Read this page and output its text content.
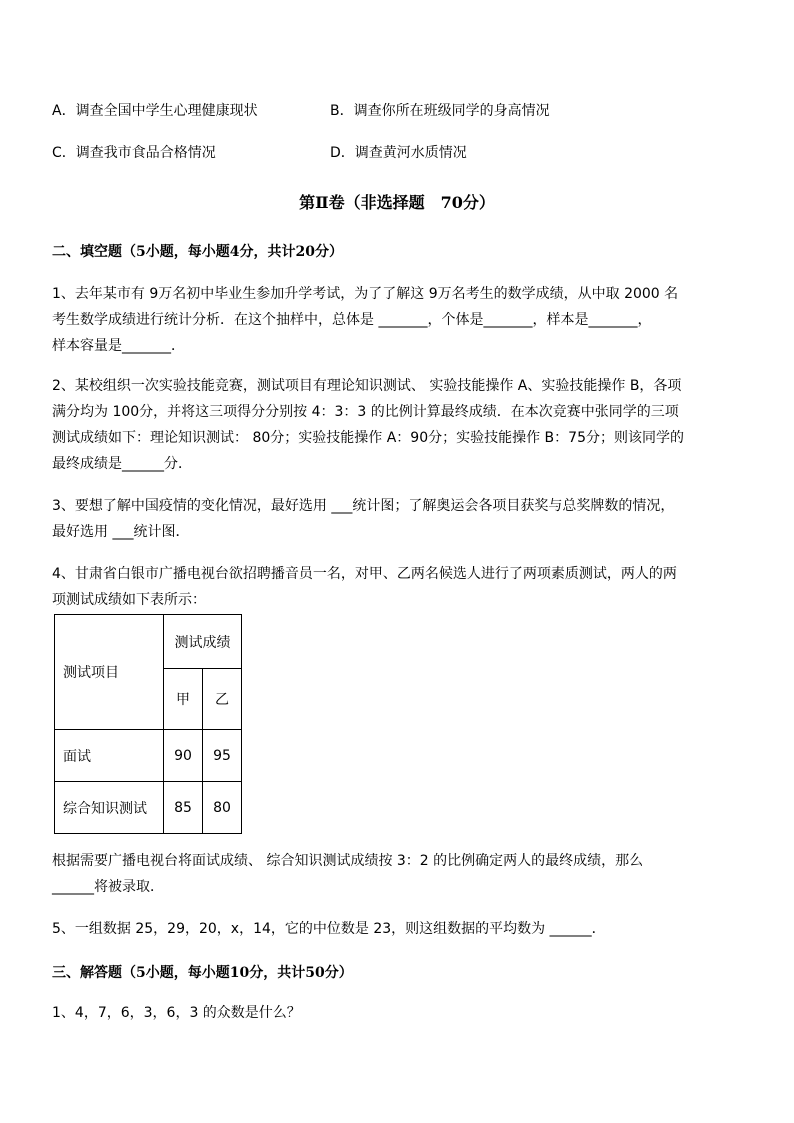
A．调查全国中学生心理健康现状	B．调查你所在班级同学的身高情况
C．调查我市食品合格情况	D．调查黄河水质情况
第Ⅱ卷（非选择题　70分）
二、填空题（5小题，每小题4分，共计20分）

1、去年某市有 9万名初中毕业生参加升学考试，为了了解这 9万名考生的数学成绩，从中取 2000 名

考生数学成绩进行统计分析．在这个抽样中，总体是 _______，个体是_______，样本是_______，

样本容量是_______．

2、某校组织一次实验技能竞赛，测试项目有理论知识测试、 实验技能操作 A、实验技能操作 B，各项

满分均为 100分，并将这三项得分分别按 4：3：3 的比例计算最终成绩．在本次竞赛中张同学的三项

测试成绩如下：理论知识测试： 80分；实验技能操作 A：90分；实验技能操作 B：75分；则该同学的

最终成绩是______分．

3、要想了解中国疫情的变化情况，最好选用 ___统计图；了解奥运会各项目获奖与总奖牌数的情况，

最好选用 ___统计图．

4、甘肃省白银市广播电视台欲招聘播音员一名，对甲、乙两名候选人进行了两项素质测试，两人的两

项测试成绩如下表所示：

测试项目	测试成绩	
	甲	乙
面试	90	95
综合知识测试	85	80

根据需要广播电视台将面试成绩、 综合知识测试成绩按 3：2 的比例确定两人的最终成绩，那么

______将被录取．

5、一组数据 25，29，20，x，14，它的中位数是 23，则这组数据的平均数为 ______．

三、解答题（5小题，每小题10分，共计50分）

1、4，7，6，3，6，3 的众数是什么？
